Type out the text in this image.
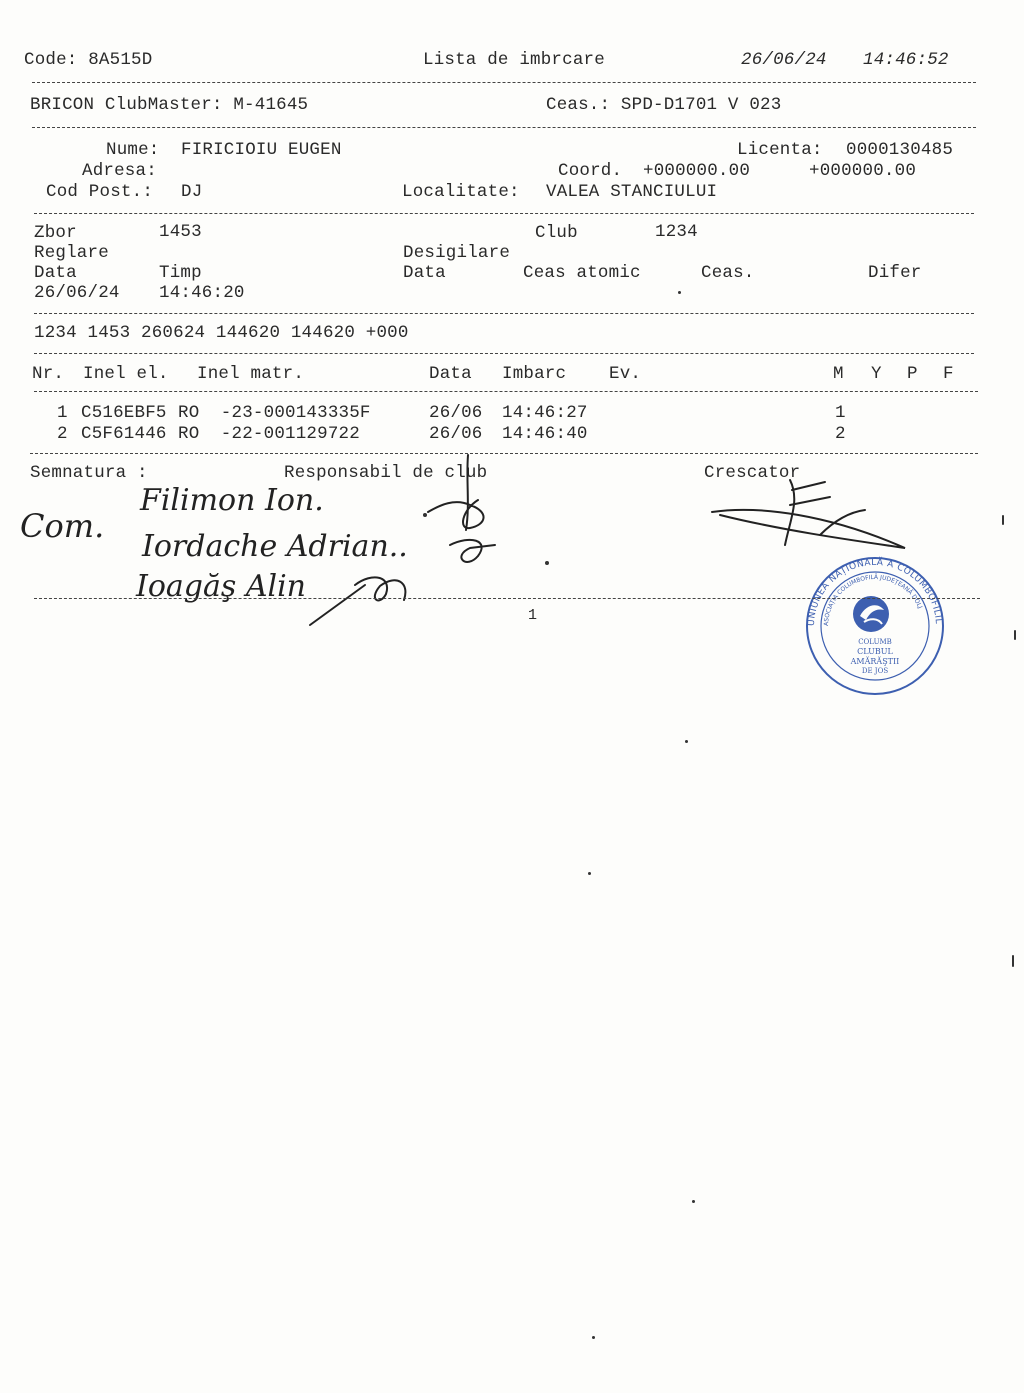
Code: 8A515D	Lista de imbrcare	26/06/24 14:46:52
BRICON ClubMaster: M-41645	Ceas.: SPD-D1701 V 023
Nume: FIRICIOIU EUGEN	Licenta: 0000130485
Adresa:	Coord. +000000.00	+000000.00
Cod Post.: DJ	Localitate: VALEA STANCIULUI
Zbor	1453	Club	1234
Reglare	Desigilare
Data	Timp	Data	Ceas atomic	Ceas.	Difer
26/06/24 14:46:20
1234 1453 260624 144620 144620 +000
Nr. Inel el. Inel matr.	Data Imbarc Ev.	M Y P F
1 C516EBF5 RO  -23-000143335F	26/06 14:46:27	1
2 C5F61446 RO  -22-001129722	26/06 14:46:40	2
Semnatura :	Responsabil de club	Crescator
Com.
Filimon Ion.
Iordache Adrian..
Ioagăş Alin
UNIUNEA NAȚIONALĂ A COLUMBOFILILOR DIN ROMÂNIA
ASOCIAȚIA COLUMBOFILĂ JUDEȚEANĂ DOLJ
COLUMB
CLUBUL
AMĂRĂŞTII
DE JOS
1
